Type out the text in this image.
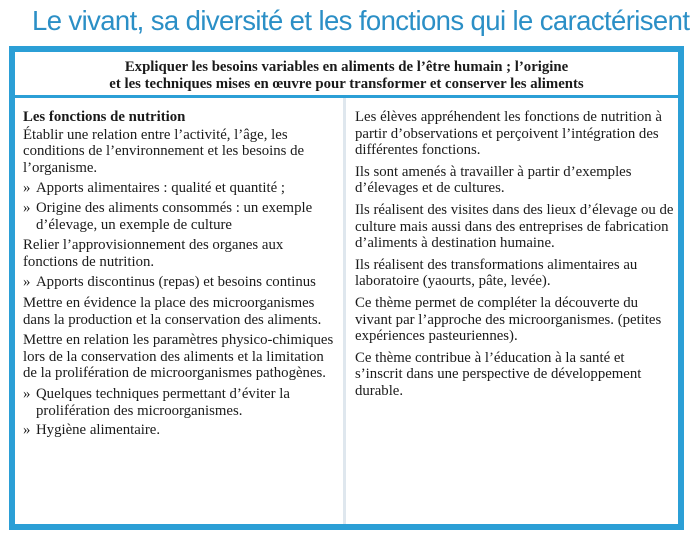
Le vivant, sa diversité et les fonctions qui le caractérisent
Expliquer les besoins variables en aliments de l’être humain ; l’origine
et les techniques mises en œuvre pour transformer et conserver les aliments

Les fonctions de nutrition

Établir une relation entre l’activité, l’âge, les conditions de l’environnement et les besoins de l’organisme.

» Apports alimentaires : qualité et quantité ;
» Origine des aliments consommés : un exemple d’élevage, un exemple de culture

Relier l’approvisionnement des organes aux fonctions de nutrition.

» Apports discontinus (repas) et besoins continus

Mettre en évidence la place des microorganismes dans la production et la conservation des aliments.

Mettre en relation les paramètres physico-chimiques lors de la conservation des aliments et la limitation de la prolifération de microorganismes pathogènes.

» Quelques techniques permettant d’éviter la prolifération des microorganismes.
» Hygiène alimentaire.

Les élèves appréhendent les fonctions de nutrition à partir d’observations et perçoivent l’intégration des différentes fonctions.

Ils sont amenés à travailler à partir d’exemples d’élevages et de cultures.

Ils réalisent des visites dans des lieux d’élevage ou de culture mais aussi dans des entreprises de fabrication d’aliments à destination humaine.

Ils réalisent des transformations alimentaires au laboratoire (yaourts, pâte, levée).

Ce thème permet de compléter la découverte du vivant par l’approche des microorganismes. (petites expériences pasteuriennes).

Ce thème contribue à l’éducation à la santé et s’inscrit dans une perspective de développement durable.
